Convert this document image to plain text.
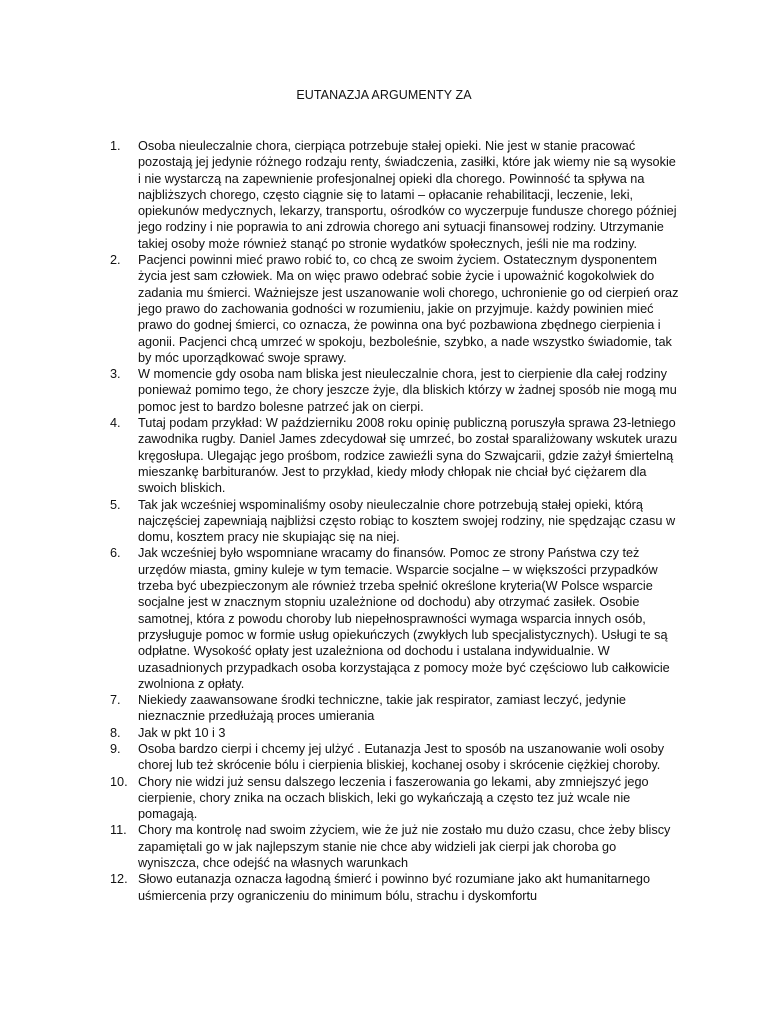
EUTANAZJA ARGUMENTY ZA
1.	Osoba nieuleczalnie chora, cierpiąca potrzebuje stałej opieki. Nie jest w stanie pracować pozostają jej jedynie różnego rodzaju renty, świadczenia, zasiłki, które jak wiemy nie są wysokie i nie wystarczą na zapewnienie profesjonalnej opieki dla chorego. Powinność ta spływa na najbliższych chorego, często ciągnie się to latami – opłacanie rehabilitacji, leczenie, leki, opiekunów medycznych, lekarzy, transportu, ośrodków co wyczerpuje fundusze chorego później jego rodziny i nie poprawia to ani zdrowia chorego ani sytuacji finansowej rodziny. Utrzymanie takiej osoby może również stanąć po stronie wydatków społecznych, jeśli nie ma rodziny.
2.	Pacjenci powinni mieć prawo robić to, co chcą ze swoim życiem. Ostatecznym dysponentem życia jest sam człowiek. Ma on więc prawo odebrać sobie życie i upoważnić kogokolwiek do zadania mu śmierci. Ważniejsze jest uszanowanie woli chorego, uchronienie go od cierpień oraz jego prawo do zachowania godności w rozumieniu, jakie on przyjmuje. każdy powinien mieć prawo do godnej śmierci, co oznacza, że powinna ona być pozbawiona zbędnego cierpienia i agonii. Pacjenci chcą umrzeć w spokoju, bezboleśnie, szybko, a nade wszystko świadomie, tak by móc uporządkować swoje sprawy.
3.	W momencie gdy osoba nam bliska jest nieuleczalnie chora, jest to cierpienie dla całej rodziny ponieważ pomimo tego, że chory jeszcze żyje, dla bliskich którzy w żadnej sposób nie mogą mu pomoc jest to bardzo bolesne patrzeć jak on cierpi.
4.	Tutaj podam przykład: W październiku 2008 roku opinię publiczną poruszyła sprawa 23-letniego zawodnika rugby. Daniel James zdecydował się umrzeć, bo został sparaliżowany wskutek urazu kręgosłupa. Ulegając jego prośbom, rodzice zawieźli syna do Szwajcarii, gdzie zażył śmiertelną mieszankę barbituranów. Jest to przykład, kiedy młody chłopak nie chciał być ciężarem dla swoich bliskich.
5.	Tak jak wcześniej wspominaliśmy osoby nieuleczalnie chore potrzebują stałej opieki, którą najczęściej zapewniają najbliżsi często robiąc to kosztem swojej rodziny, nie spędzając czasu w domu, kosztem pracy nie skupiając się na niej.
6.	Jak wcześniej było wspomniane wracamy do finansów. Pomoc ze strony Państwa czy też urzędów miasta, gminy kuleje w tym temacie. Wsparcie socjalne – w większości przypadków trzeba być ubezpieczonym ale również trzeba spełnić określone kryteria(W Polsce wsparcie socjalne jest w znacznym stopniu uzależnione od dochodu) aby otrzymać zasiłek. Osobie samotnej, która z powodu choroby lub niepełnosprawności wymaga wsparcia innych osób, przysługuje pomoc w formie usług opiekuńczych (zwykłych lub specjalistycznych). Usługi te są odpłatne. Wysokość opłaty jest uzależniona od dochodu i ustalana indywidualnie. W uzasadnionych przypadkach osoba korzystająca z pomocy może być częściowo lub całkowicie zwolniona z opłaty.
7.	Niekiedy zaawansowane środki techniczne, takie jak respirator, zamiast leczyć, jedynie nieznacznie przedłużają proces umierania
8.	Jak w pkt 10 i 3
9.	Osoba bardzo cierpi i chcemy jej ulżyć . Eutanazja Jest to sposób na uszanowanie woli osoby chorej lub też skrócenie bólu i cierpienia bliskiej, kochanej osoby i skrócenie ciężkiej choroby.
10. Chory nie widzi już sensu dalszego leczenia i faszerowania go lekami, aby zmniejszyć jego cierpienie, chory znika na oczach bliskich, leki go wykańczają a często tez już wcale nie pomagają.
11. Chory ma kontrolę nad swoim zżyciem, wie że już nie zostało mu dużo czasu, chce żeby bliscy zapamiętali go w jak najlepszym stanie nie chce aby widzieli jak cierpi jak choroba go wyniszcza, chce odejść na własnych warunkach
12. Słowo eutanazja oznacza łagodną śmierć i powinno być rozumiane jako akt humanitarnego uśmiercenia przy ograniczeniu do minimum bólu, strachu i dyskomfortu
